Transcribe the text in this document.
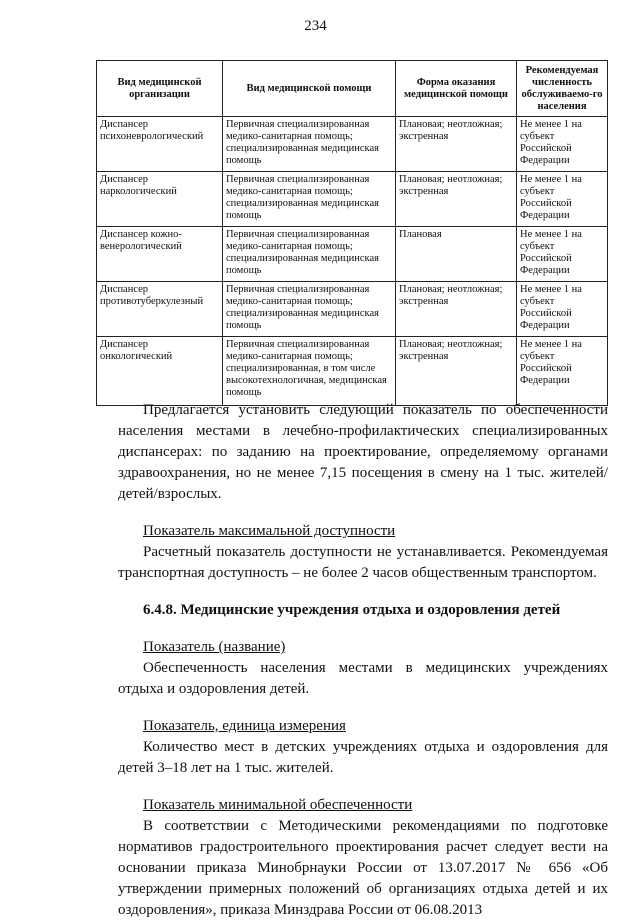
234
Вид медицинской организации	Вид медицинской помощи	Форма оказания медицинской помощи	Рекомендуемая численность обслуживаемо-го населения
Диспансер психоневрологический	Первичная специализированная медико-санитарная помощь; специализированная медицинская помощь	Плановая; неотложная; экстренная	Не менее 1 на субъект Российской Федерации
Диспансер наркологический	Первичная специализированная медико-санитарная помощь; специализированная медицинская помощь	Плановая; неотложная; экстренная	Не менее 1 на субъект Российской Федерации
Диспансер кожно-венерологический	Первичная специализированная медико-санитарная помощь; специализированная медицинская помощь	Плановая	Не менее 1 на субъект Российской Федерации
Диспансер противотуберкулезный	Первичная специализированная медико-санитарная помощь; специализированная медицинская помощь	Плановая; неотложная; экстренная	Не менее 1 на субъект Российской Федерации
Диспансер онкологический	Первичная специализированная медико-санитарная помощь; специализированная, в том числе высокотехнологичная, медицинская помощь	Плановая; неотложная; экстренная	Не менее 1 на субъект Российской Федерации

Предлагается установить следующий показатель по обеспеченности населения местами в лечебно-профилактических специализированных диспансерах: по заданию на проектирование, определяемому органами здравоохранения, но не менее 7,15 посещения в смену на 1 тыс. жителей/детей/взрослых.

Показатель максимальной доступности

Расчетный показатель доступности не устанавливается. Рекомендуемая транспортная доступность – не более 2 часов общественным транспортом.

6.4.8. Медицинские учреждения отдыха и оздоровления детей

Показатель (название)

Обеспеченность населения местами в медицинских учреждениях отдыха и оздоровления детей.

Показатель, единица измерения

Количество мест в детских учреждениях отдыха и оздоровления для детей 3–18 лет на 1 тыс. жителей.

Показатель минимальной обеспеченности

В соответствии с Методическими рекомендациями по подготовке нормативов градостроительного проектирования расчет следует вести на основании приказа Минобрнауки России от 13.07.2017 № 656 «Об утверждении примерных положений об организациях отдыха детей и их оздоровления», приказа Минздрава России от 06.08.2013
